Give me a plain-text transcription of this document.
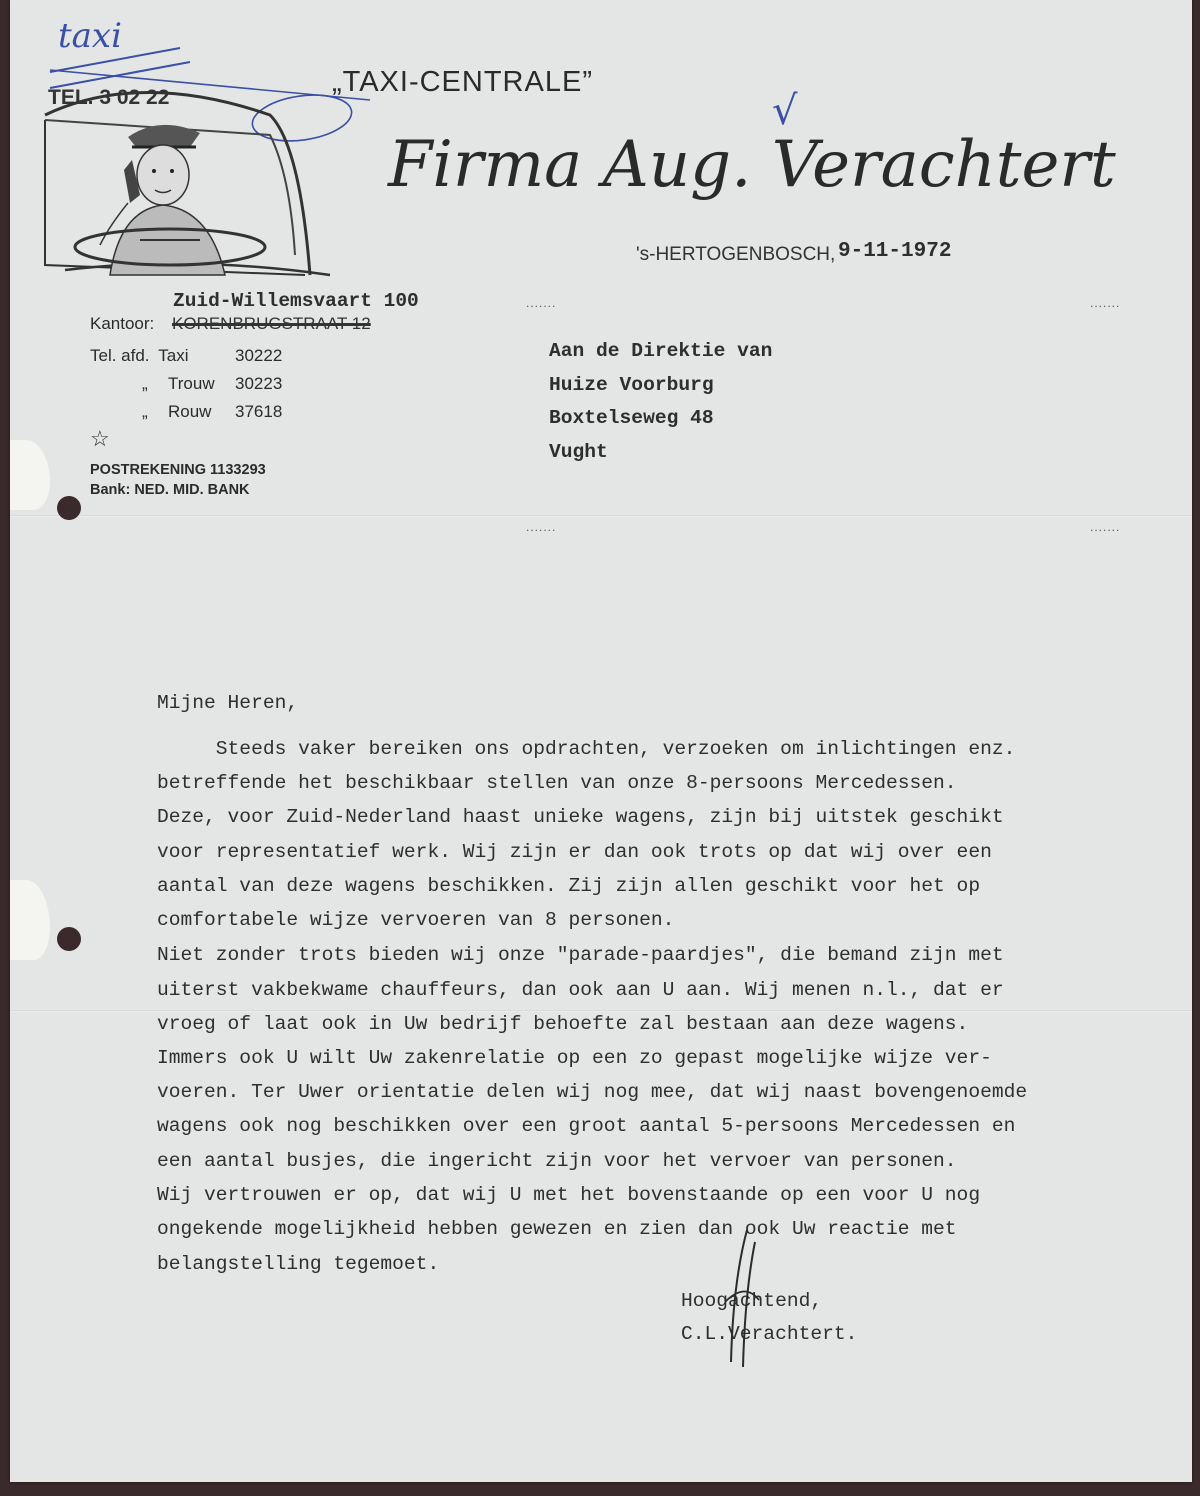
taxi
√
TEL. 3 02 22	„TAXI-CENTRALE”
Firma Aug. Verachtert
's-HERTOGENBOSCH, 9-11-1972
.......	.......
.......	.......
Zuid-Willemsvaart 100
Kantoor: KORENBRUGSTRAAT 12
Tel. afd. Taxi	30222
„ Trouw 30223
„ Rouw 37618
☆
POSTREKENING 1133293
Bank: NED. MID. BANK
Aan de Direktie van
Huize Voorburg
Boxtelseweg 48
Vught
Mijne Heren,
Steeds vaker bereiken ons opdrachten, verzoeken om inlichtingen enz.
betreffende het beschikbaar stellen van onze 8-persoons Mercedessen.
Deze, voor Zuid-Nederland haast unieke wagens, zijn bij uitstek geschikt
voor representatief werk. Wij zijn er dan ook trots op dat wij over een
aantal van deze wagens beschikken. Zij zijn allen geschikt voor het op
comfortabele wijze vervoeren van 8 personen.
Niet zonder trots bieden wij onze "parade-paardjes", die bemand zijn met
uiterst vakbekwame chauffeurs, dan ook aan U aan. Wij menen n.l., dat er
vroeg of laat ook in Uw bedrijf behoefte zal bestaan aan deze wagens.
Immers ook U wilt Uw zakenrelatie op een zo gepast mogelijke wijze ver-
voeren. Ter Uwer orientatie delen wij nog mee, dat wij naast bovengenoemde
wagens ook nog beschikken over een groot aantal 5-persoons Mercedessen en
een aantal busjes, die ingericht zijn voor het vervoer van personen.
Wij vertrouwen er op, dat wij U met het bovenstaande op een voor U nog
ongekende mogelijkheid hebben gewezen en zien dan ook Uw reactie met
belangstelling tegemoet.
Hoogachtend,
C.L.Verachtert.
